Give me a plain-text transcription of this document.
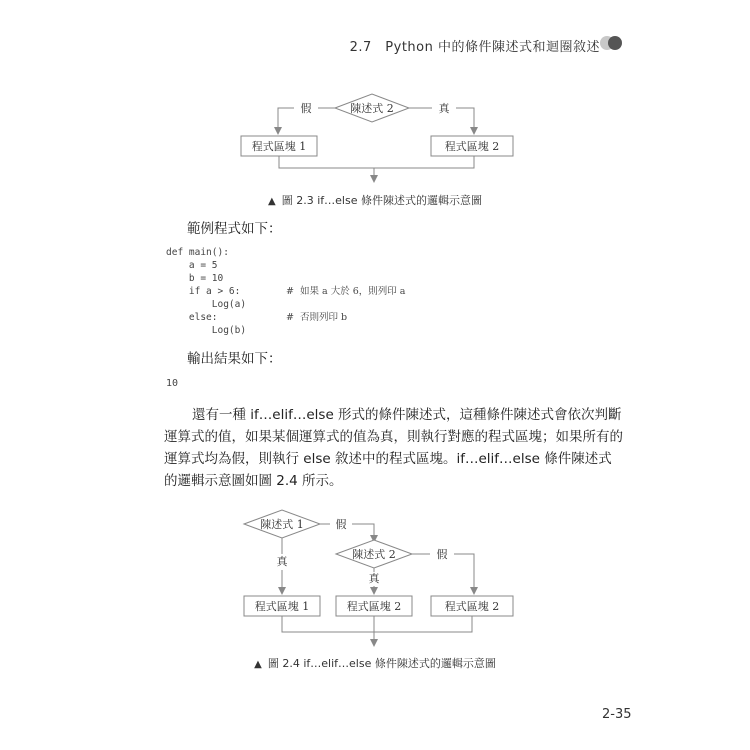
2.7　Python 中的條件陳述式和迴圈敘述
陳述式 2
假	真
程式區塊 1	程式區塊 2
▲ 圖 2.3 if…else 條件陳述式的邏輯示意圖
範例程式如下：
def main():
a = 5
b = 10
if a > 6:	#  如果 a 大於 6，則列印 a
Log(a)
else:	#  否則列印 b
Log(b)
輸出結果如下：
10
還有一種 if…elif…else 形式的條件陳述式，這種條件陳述式會依次判斷運算式的值，如果某個運算式的值為真，則執行對應的程式區塊；如果所有的運算式均為假，則執行 else 敘述中的程式區塊。if…elif…else 條件陳述式的邏輯示意圖如圖 2.4 所示。
陳述式 1	假
真
陳述式 2	假
真
程式區塊 1	程式區塊 2	程式區塊 2
▲ 圖 2.4 if…elif…else 條件陳述式的邏輯示意圖
2-35
